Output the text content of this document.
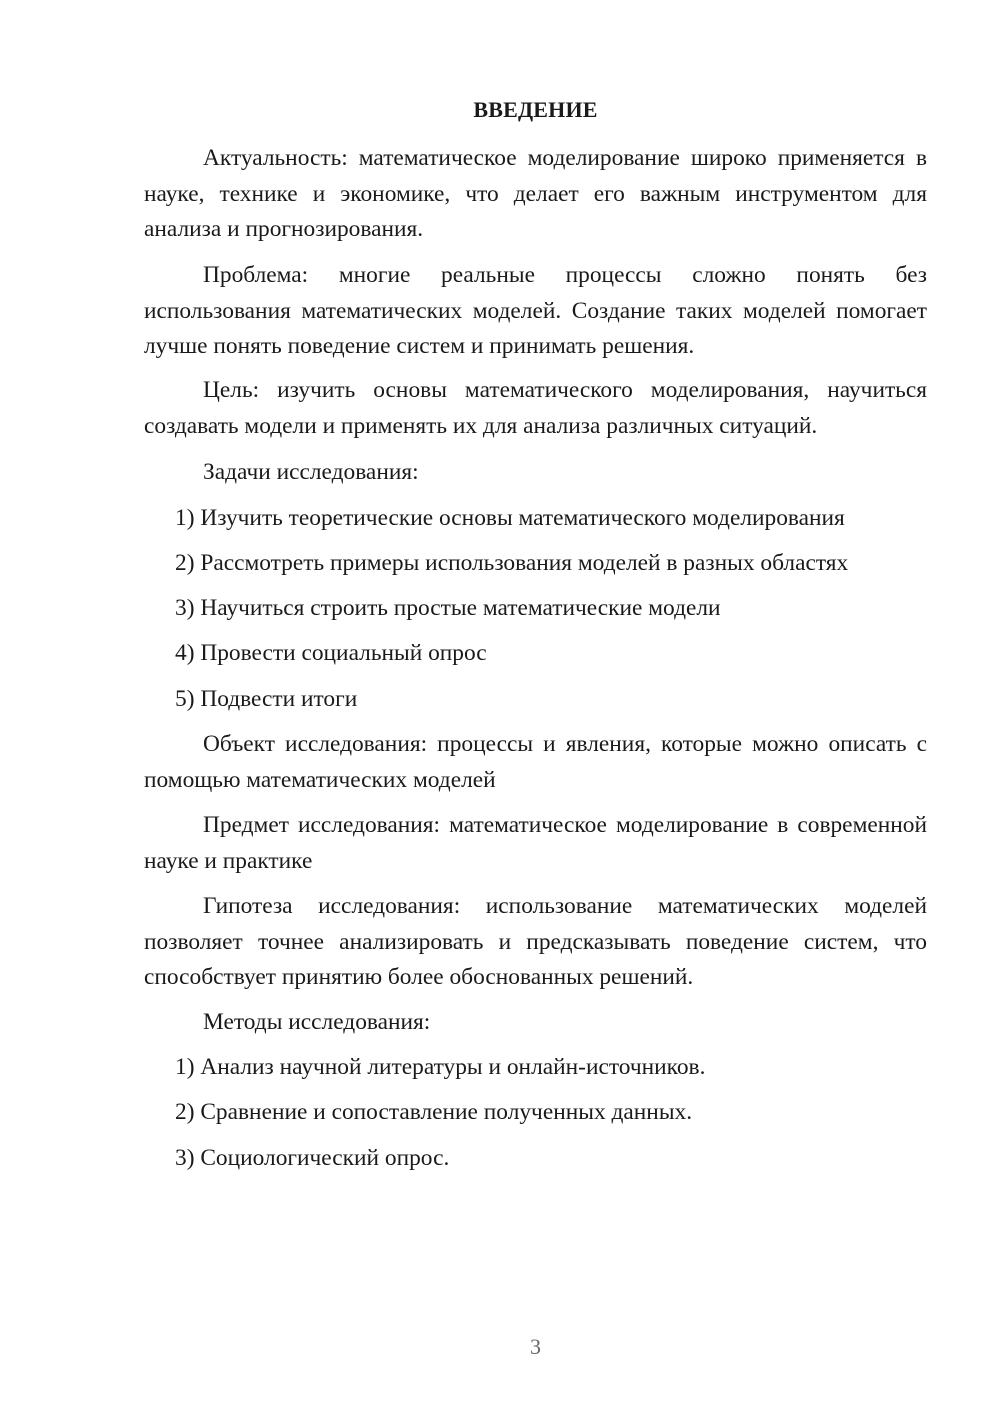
ВВЕДЕНИЕ

Актуальность: математическое моделирование широко применяется в науке, технике и экономике, что делает его важным инструментом для анализа и прогнозирования.

Проблема: многие реальные процессы сложно понять без использования математических моделей. Создание таких моделей помогает лучше понять поведение систем и принимать решения.

Цель: изучить основы математического моделирования, научиться создавать модели и применять их для анализа различных ситуаций.

Задачи исследования:

1) Изучить теоретические основы математического моделирования

2) Рассмотреть примеры использования моделей в разных областях

3) Научиться строить простые математические модели

4) Провести социальный опрос

5) Подвести итоги

Объект исследования: процессы и явления, которые можно описать с помощью математических моделей

Предмет исследования: математическое моделирование в современной науке и практике

Гипотеза исследования: использование математических моделей позволяет точнее анализировать и предсказывать поведение систем, что способствует принятию более обоснованных решений.

Методы исследования:

1) Анализ научной литературы и онлайн-источников.

2) Сравнение и сопоставление полученных данных.

3) Социологический опрос.

3
